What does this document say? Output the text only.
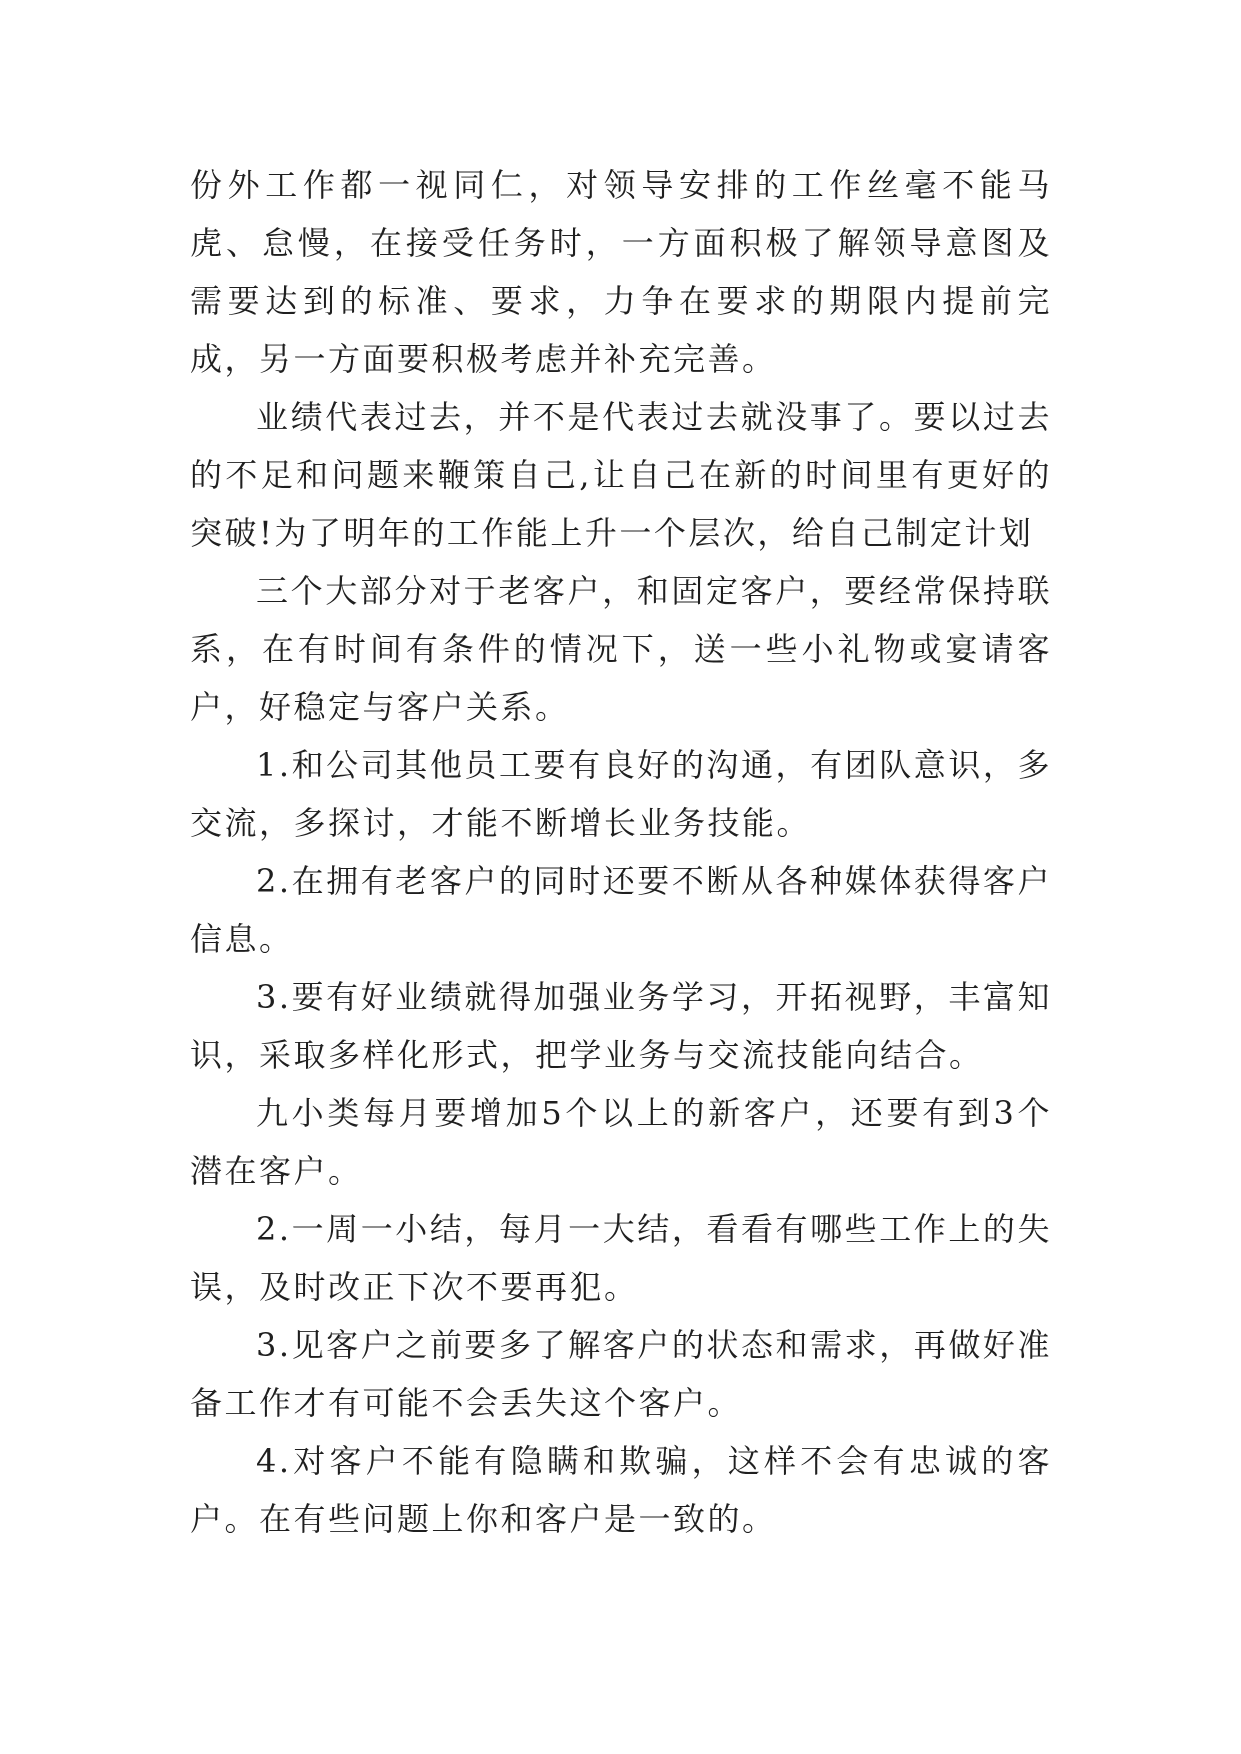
份外工作都一视同仁，对领导安排的工作丝毫不能马虎、怠慢，在接受任务时，一方面积极了解领导意图及需要达到的标准、要求，力争在要求的期限内提前完成，另一方面要积极考虑并补充完善。

业绩代表过去，并不是代表过去就没事了。要以过去的不足和问题来鞭策自己,让自己在新的时间里有更好的突破!为了明年的工作能上升一个层次，给自己制定计划

三个大部分对于老客户，和固定客户，要经常保持联系，在有时间有条件的情况下，送一些小礼物或宴请客户，好稳定与客户关系。

1.和公司其他员工要有良好的沟通，有团队意识，多交流，多探讨，才能不断增长业务技能。

2.在拥有老客户的同时还要不断从各种媒体获得客户信息。

3.要有好业绩就得加强业务学习，开拓视野，丰富知识，采取多样化形式，把学业务与交流技能向结合。

九小类每月要增加5个以上的新客户，还要有到3个潜在客户。

2.一周一小结，每月一大结，看看有哪些工作上的失误，及时改正下次不要再犯。

3.见客户之前要多了解客户的状态和需求，再做好准备工作才有可能不会丢失这个客户。

4.对客户不能有隐瞒和欺骗，这样不会有忠诚的客户。在有些问题上你和客户是一致的。
